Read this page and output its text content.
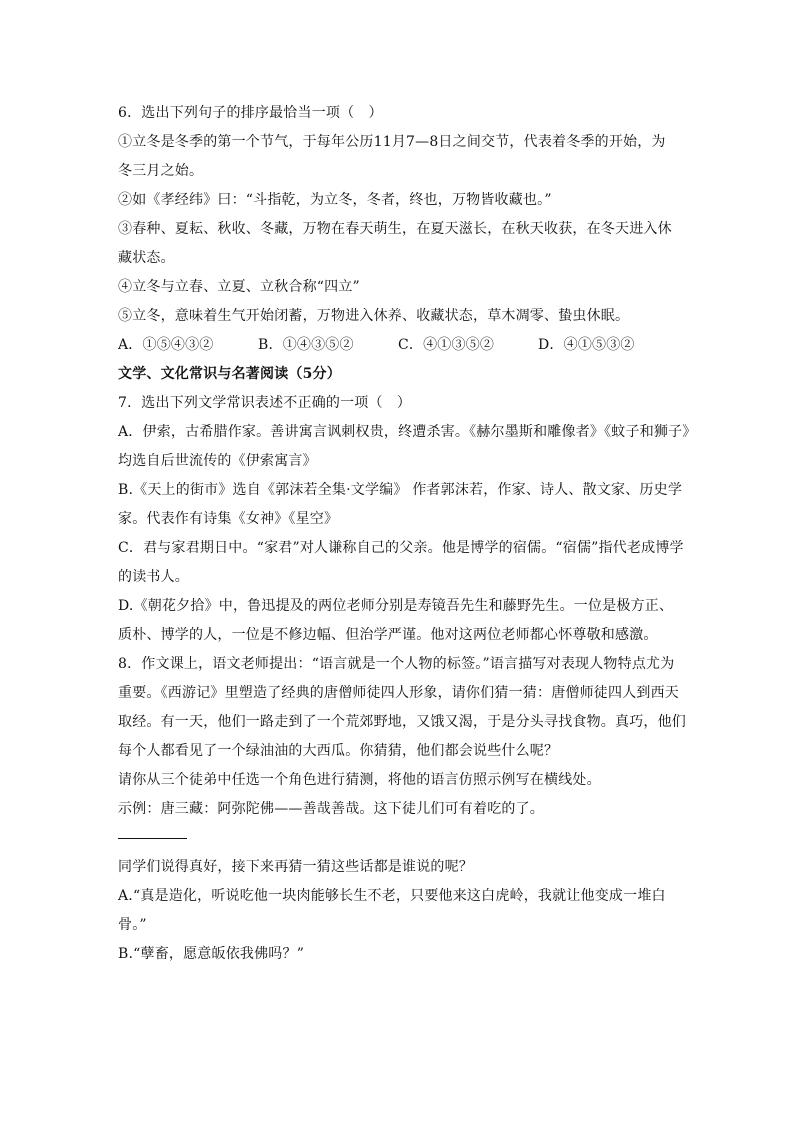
6．选出下列句子的排序最恰当一项（　）
①立冬是冬季的第一个节气，于每年公历11月7—8日之间交节，代表着冬季的开始，为
冬三月之始。
②如《孝经纬》曰：“斗指乾，为立冬，冬者，终也，万物皆收藏也。”
③春种、夏耘、秋收、冬藏，万物在春天萌生，在夏天滋长，在秋天收获，在冬天进入休
藏状态。
④立冬与立春、立夏、立秋合称“四立”
⑤立冬，意味着生气开始闭蓄，万物进入休养、收藏状态，草木凋零、蛰虫休眠。
A．①⑤④③②	B．①④③⑤②	C．④①③⑤②	D．④①⑤③②
文学、文化常识与名著阅读（5分）
7．选出下列文学常识表述不正确的一项（　）
A．伊索，古希腊作家。善讲寓言讽刺权贵，终遭杀害。《赫尔墨斯和雕像者》《蚊子和狮子》
均选自后世流传的《伊索寓言》
B.《天上的街市》选自《郭沫若全集·文学编》 作者郭沫若，作家、诗人、散文家、历史学
家。代表作有诗集《女神》《星空》
C．君与家君期日中。“家君”对人谦称自己的父亲。他是博学的宿儒。“宿儒”指代老成博学
的读书人。
D.《朝花夕拾》中，鲁迅提及的两位老师分别是寿镜吾先生和藤野先生。一位是极方正、
质朴、博学的人，一位是不修边幅、但治学严谨。他对这两位老师都心怀尊敬和感激。
8．作文课上，语文老师提出：“语言就是一个人物的标签。”语言描写对表现人物特点尤为
重要。《西游记》里塑造了经典的唐僧师徒四人形象，请你们猜一猜：唐僧师徒四人到西天
取经。有一天，他们一路走到了一个荒郊野地，又饿又渴，于是分头寻找食物。真巧，他们
每个人都看见了一个绿油油的大西瓜。你猜猜，他们都会说些什么呢？
请你从三个徒弟中任选一个角色进行猜测，将他的语言仿照示例写在横线处。
示例：唐三藏：阿弥陀佛——善哉善哉。这下徒儿们可有着吃的了。
同学们说得真好，接下来再猜一猜这些话都是谁说的呢？
A.“真是造化，听说吃他一块肉能够长生不老，只要他来这白虎岭，我就让他变成一堆白
骨。”
B.“孽畜，愿意皈依我佛吗？”
